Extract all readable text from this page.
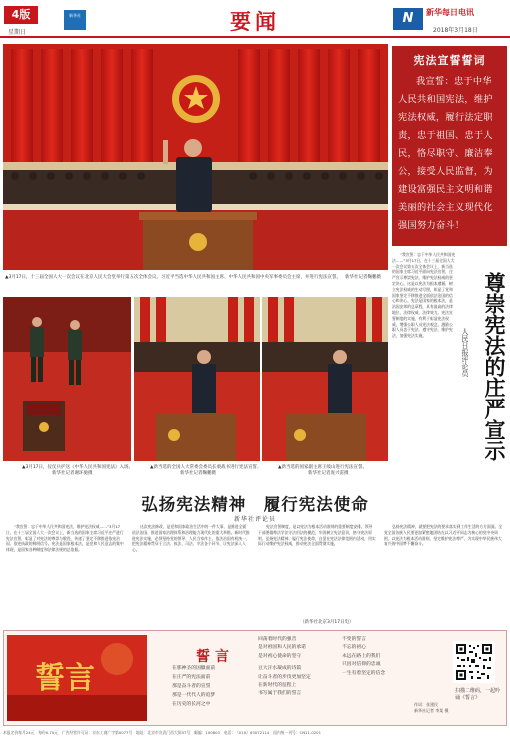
4版
星期日
新华社	要闻	N	新华每日电讯
2018年3月18日
▲3月17日，十三届全国人大一次会议在北京人民大会堂举行第五次全体会议。习近平当选中华人民共和国主席、中华人民共和国中央军事委员会主席，并进行宪法宣誓。 新华社记者鞠鹏摄
宪法宣誓誓词

我宣誓：忠于中华人民共和国宪法，维护宪法权威，履行法定职责，忠于祖国、忠于人民，恪尽职守、廉洁奉公，接受人民监督，为建设富强民主文明和谐美丽的社会主义现代化强国努力奋斗！

▲3月17日，仪仗兵护送《中华人民共和国宪法》入场。
新华社记者谢环驰摄
▲新当选的全国人大常委会委员长栗战书进行宪法宣誓。
新华社记者鞠鹏摄
▲新当选的国家副主席王岐山进行宪法宣誓。
新华社记者庞兴雷摄
“我宣誓：忠于中华人民共和国宪法……”3月17日，在十三届全国人大一次会议第五次全体会议上，新当选的国家主席习近平面向宪法宣誓，庄严宣示尊崇宪法、维护宪法权威的坚定决心。这是以宪法为根本遵循，树立宪法权威的生动写照，彰显了党和国家坚定不移推进全面依法治国的信心和决心。宪法是国家的根本法，是治国安邦的总章程，具有最高的法律地位、法律权威、法律效力。宪法宣誓制度的实施，有利于彰显宪法权威，增强公职人员宪法观念，激励公职人员忠于宪法、遵守宪法、维护宪法，加强宪法实施。	尊崇宪法的庄严宣示
人民日报评论员
弘扬宪法精神　履行宪法使命
新华社评论员
“我宣誓：忠于中华人民共和国宪法，维护宪法权威……”3月17日，在十三届全国人大一次会议上，新当选的国家主席习近平庄严进行宪法宣誓，彰显了对宪法的尊崇与敬畏，传递了坚定不移推进依宪治国、依宪执政的鲜明信号。宪法是国家根本法，是党和人民意志的集中体现，是国家各种制度和法律法规的总依据。
这次宪法修改，是党和国家政治生活中的一件大事，是推进全面依法治国、推进国家治理体系和治理能力现代化的重大举措。新时代推进宪法实施，必须坚持党的领导、人民当家作主、依法治国有机统一，把宪法精神贯穿于立法、执法、司法、守法各个环节，让宪法深入人心。
宪法宣誓制度，是以宪法为根本活动准则的重要制度安排。领导干部要做尊法学法守法用法的模范，牢固树立宪法意识，恪守宪法原则、弘扬宪法精神、履行宪法使命，自觉在宪法法律范围内活动，用实际行动维护宪法权威，推动宪法全面贯彻实施。
弘扬宪法精神，就要把宪法的要求落实到工作生活的方方面面。全党全国各族人民要更加紧密地团结在以习近平同志为核心的党中央周围，以宪法为根本活动准则，坚定维护宪法尊严，为实现中华民族伟大复兴的中国梦不懈奋斗。
（新华社北京3月17日电）
誓言
誓言
在那神圣的国徽面前
在庄严的宪法面前
那是奋斗者的宣誓
那是一代代人的追梦
在历史的长河之中
回荡着时代的强音
是对祖国和人民的承诺
是对初心使命的坚守
豆大汗水凝成的诗篇
让奋斗者的步伐更加坚定
在新时代的征程上
书写属于我们的誓言
不变的誓言
不忘的初心
永远在路上的我们
只因对信仰的忠诚
一生有着坚定的信念
作词：张建民
新华社记者 李某 摄
扫描二维码，一起吟诵《誓言》
本报定价每月24元　每份0.70元　广告经营许可证：京东工商广字第0077号　地址：北京市宣武门西大街57号　邮编：100803　电话：（010）63072114　国内统一刊号：CN11-0201
